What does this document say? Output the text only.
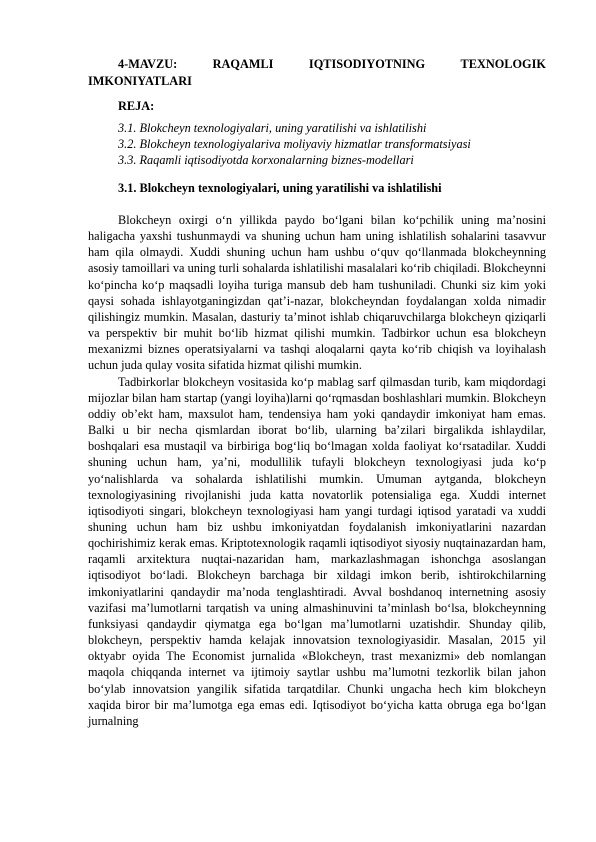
4-MAVZU:	RAQAMLI	IQTISODIYOTNING	TEXNOLOGIK
IMKONIYATLARI
REJA:
3.1. Blokcheyn texnologiyalari, uning yaratilishi va ishlatilishi
3.2. Blokcheyn texnologiyalariva moliyaviy hizmatlar transformatsiyasi
3.3. Raqamli iqtisodiyotda korxonalarning biznes-modellari
3.1. Blokcheyn texnologiyalari, uning yaratilishi va ishlatilishi

Blokcheyn oxirgi o‘n yillikda paydo bo‘lgani bilan ko‘pchilik uning ma’nosini haligacha yaxshi tushunmaydi va shuning uchun ham uning ishlatilish sohalarini tasavvur ham qila olmaydi. Xuddi shuning uchun ham ushbu o‘quv qo‘llanmada blokcheynning asosiy tamoillari va uning turli sohalarda ishlatilishi masalalari ko‘rib chiqiladi. Blokcheynni ko‘pincha ko‘p maqsadli loyiha turiga mansub deb ham tushuniladi. Chunki siz kim yoki qaysi sohada ishlayotganingizdan qat’i-nazar, blokcheyndan foydalangan xolda nimadir qilishingiz mumkin. Masalan, dasturiy ta’minot ishlab chiqaruvchilarga blokcheyn qiziqarli va perspektiv bir muhit bo‘lib hizmat qilishi mumkin. Tadbirkor uchun esa blokcheyn mexanizmi biznes operatsiyalarni va tashqi aloqalarni qayta ko‘rib chiqish va loyihalash uchun juda qulay vosita sifatida hizmat qilishi mumkin.

Tadbirkorlar blokcheyn vositasida ko‘p mablag sarf qilmasdan turib, kam miqdordagi mijozlar bilan ham startap (yangi loyiha)larni qo‘rqmasdan boshlashlari mumkin. Blokcheyn oddiy ob’ekt ham, maxsulot ham, tendensiya ham yoki qandaydir imkoniyat ham emas. Balki u bir necha qismlardan iborat bo‘lib, ularning ba’zilari birgalikda ishlaydilar, boshqalari esa mustaqil va birbiriga bog‘liq bo‘lmagan xolda faoliyat ko‘rsatadilar. Xuddi shuning uchun ham, ya’ni, modullilik tufayli blokcheyn texnologiyasi juda ko‘p yo‘nalishlarda va sohalarda ishlatilishi mumkin. Umuman aytganda, blokcheyn texnologiyasining rivojlanishi juda katta novatorlik potensialiga ega. Xuddi internet iqtisodiyoti singari, blokcheyn texnologiyasi ham yangi turdagi iqtisod yaratadi va xuddi shuning uchun ham biz ushbu imkoniyatdan foydalanish imkoniyatlarini nazardan qochirishimiz kerak emas. Kriptotexnologik raqamli iqtisodiyot siyosiy nuqtainazardan ham, raqamli arxitektura nuqtai-nazaridan ham, markazlashmagan ishonchga asoslangan iqtisodiyot bo‘ladi. Blokcheyn barchaga bir xildagi imkon berib, ishtirokchilarning imkoniyatlarini qandaydir ma’noda tenglashtiradi. Avval boshdanoq internetning asosiy vazifasi ma’lumotlarni tarqatish va uning almashinuvini ta’minlash bo‘lsa, blokcheynning funksiyasi qandaydir qiymatga ega bo‘lgan ma’lumotlarni uzatishdir. Shunday qilib, blokcheyn, perspektiv hamda kelajak innovatsion texnologiyasidir. Masalan, 2015 yil oktyabr oyida The Economist jurnalida «Blokcheyn, trast mexanizmi» deb nomlangan maqola chiqqanda internet va ijtimoiy saytlar ushbu ma’lumotni tezkorlik bilan jahon bo‘ylab innovatsion yangilik sifatida tarqatdilar. Chunki ungacha hech kim blokcheyn xaqida biror bir ma’lumotga ega emas edi. Iqtisodiyot bo‘yicha katta obruga ega bo‘lgan jurnalning
